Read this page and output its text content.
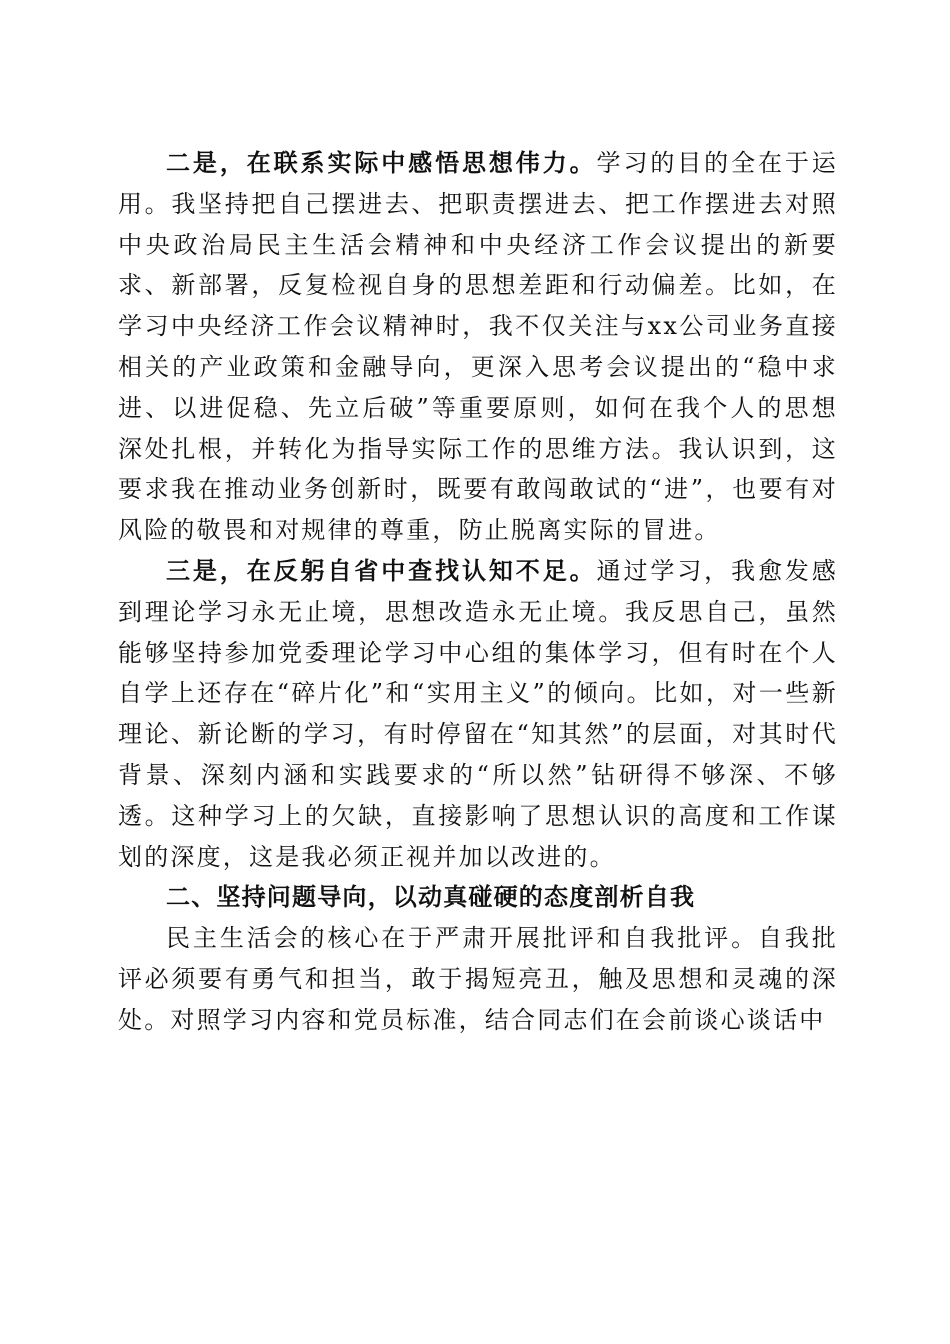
二是，在联系实际中感悟思想伟力。学习的目的全在于运用。我坚持把自己摆进去、把职责摆进去、把工作摆进去对照中央政治局民主生活会精神和中央经济工作会议提出的新要求、新部署，反复检视自身的思想差距和行动偏差。比如，在学习中央经济工作会议精神时，我不仅关注与xx公司业务直接相关的产业政策和金融导向，更深入思考会议提出的“稳中求进、以进促稳、先立后破”等重要原则，如何在我个人的思想深处扎根，并转化为指导实际工作的思维方法。我认识到，这要求我在推动业务创新时，既要有敢闯敢试的“进”，也要有对风险的敬畏和对规律的尊重，防止脱离实际的冒进。

三是，在反躬自省中查找认知不足。通过学习，我愈发感到理论学习永无止境，思想改造永无止境。我反思自己，虽然能够坚持参加党委理论学习中心组的集体学习，但有时在个人自学上还存在“碎片化”和“实用主义”的倾向。比如，对一些新理论、新论断的学习，有时停留在“知其然”的层面，对其时代背景、深刻内涵和实践要求的“所以然”钻研得不够深、不够透。这种学习上的欠缺，直接影响了思想认识的高度和工作谋划的深度，这是我必须正视并加以改进的。

二、坚持问题导向，以动真碰硬的态度剖析自我

民主生活会的核心在于严肃开展批评和自我批评。自我批评必须要有勇气和担当，敢于揭短亮丑，触及思想和灵魂的深处。对照学习内容和党员标准，结合同志们在会前谈心谈话中
